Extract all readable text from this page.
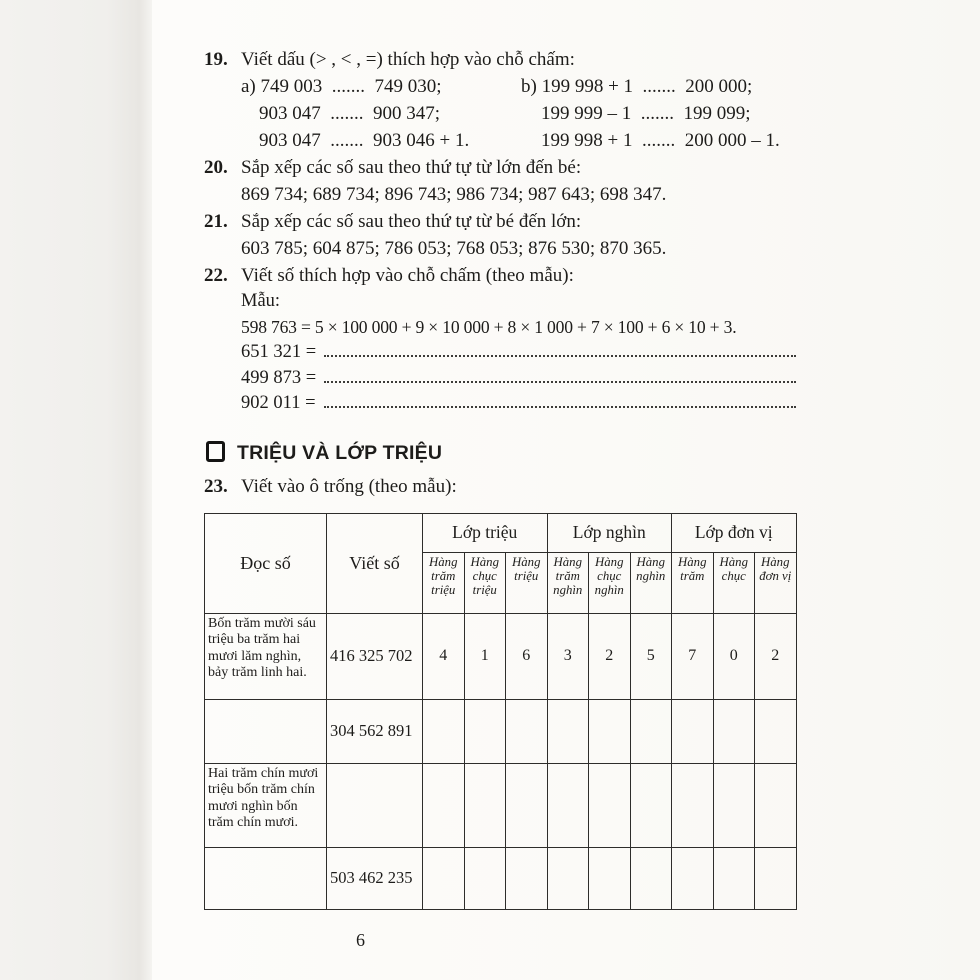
19. Viết dấu (> , < , =) thích hợp vào chỗ chấm:
a) 749 003  .......  749 030;	b) 199 998 + 1  .......  200 000;
903 047  .......  900 347;	199 999 – 1  .......  199 099;
903 047  .......  903 046 + 1.	199 998 + 1  .......  200 000 – 1.
20. Sắp xếp các số sau theo thứ tự từ lớn đến bé:
869 734; 689 734; 896 743; 986 734; 987 643; 698 347.
21. Sắp xếp các số sau theo thứ tự từ bé đến lớn:
603 785; 604 875; 786 053; 768 053; 876 530; 870 365.
22. Viết số thích hợp vào chỗ chấm (theo mẫu):
Mẫu:
598 763 = 5 × 100 000 + 9 × 10 000 + 8 × 1 000 + 7 × 100 + 6 × 10 + 3.
651 321 =
499 873 =
902 011 =
TRIỆU VÀ LỚP TRIỆU
23. Viết vào ô trống (theo mẫu):
Đọc số	Viết số	Lớp triệu			Lớp nghìn			Lớp đơn vị		
		Hàng trăm triệu	Hàng chục triệu	Hàng triệu	Hàng trăm nghìn	Hàng chục nghìn	Hàng nghìn	Hàng trăm	Hàng chục	Hàng đơn vị
Bốn trăm mười sáu triệu ba trăm hai mươi lăm nghìn, bảy trăm linh hai.	416 325 702	4	1	6	3	2	5	7	0	2
	304 562 891									
Hai trăm chín mươi triệu bốn trăm chín mươi nghìn bốn trăm chín mươi.										
	503 462 235									
6
